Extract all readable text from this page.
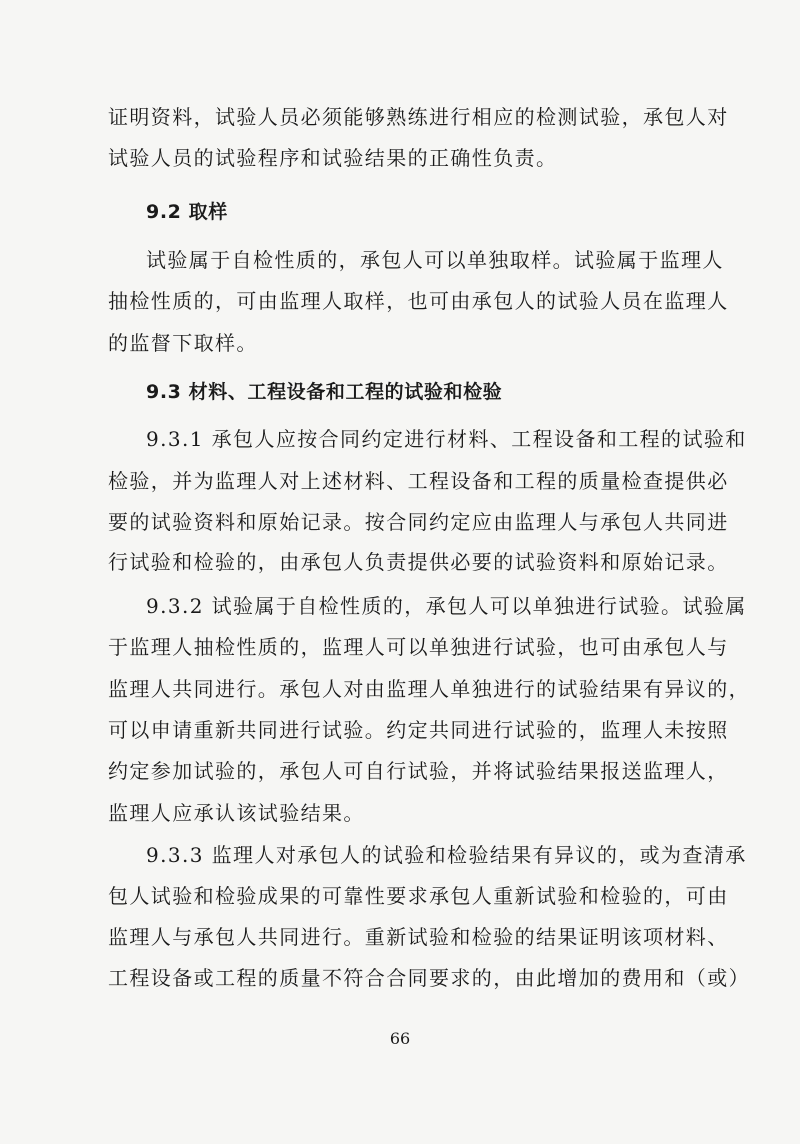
证明资料，试验人员必须能够熟练进行相应的检测试验，承包人对
试验人员的试验程序和试验结果的正确性负责。
9.2 取样
试验属于自检性质的，承包人可以单独取样。试验属于监理人
抽检性质的，可由监理人取样，也可由承包人的试验人员在监理人
的监督下取样。
9.3 材料、工程设备和工程的试验和检验
9.3.1 承包人应按合同约定进行材料、工程设备和工程的试验和
检验，并为监理人对上述材料、工程设备和工程的质量检查提供必
要的试验资料和原始记录。按合同约定应由监理人与承包人共同进
行试验和检验的，由承包人负责提供必要的试验资料和原始记录。
9.3.2 试验属于自检性质的，承包人可以单独进行试验。试验属
于监理人抽检性质的，监理人可以单独进行试验，也可由承包人与
监理人共同进行。承包人对由监理人单独进行的试验结果有异议的，
可以申请重新共同进行试验。约定共同进行试验的，监理人未按照
约定参加试验的，承包人可自行试验，并将试验结果报送监理人，
监理人应承认该试验结果。
9.3.3 监理人对承包人的试验和检验结果有异议的，或为查清承
包人试验和检验成果的可靠性要求承包人重新试验和检验的，可由
监理人与承包人共同进行。重新试验和检验的结果证明该项材料、
工程设备或工程的质量不符合合同要求的，由此增加的费用和（或）
66
